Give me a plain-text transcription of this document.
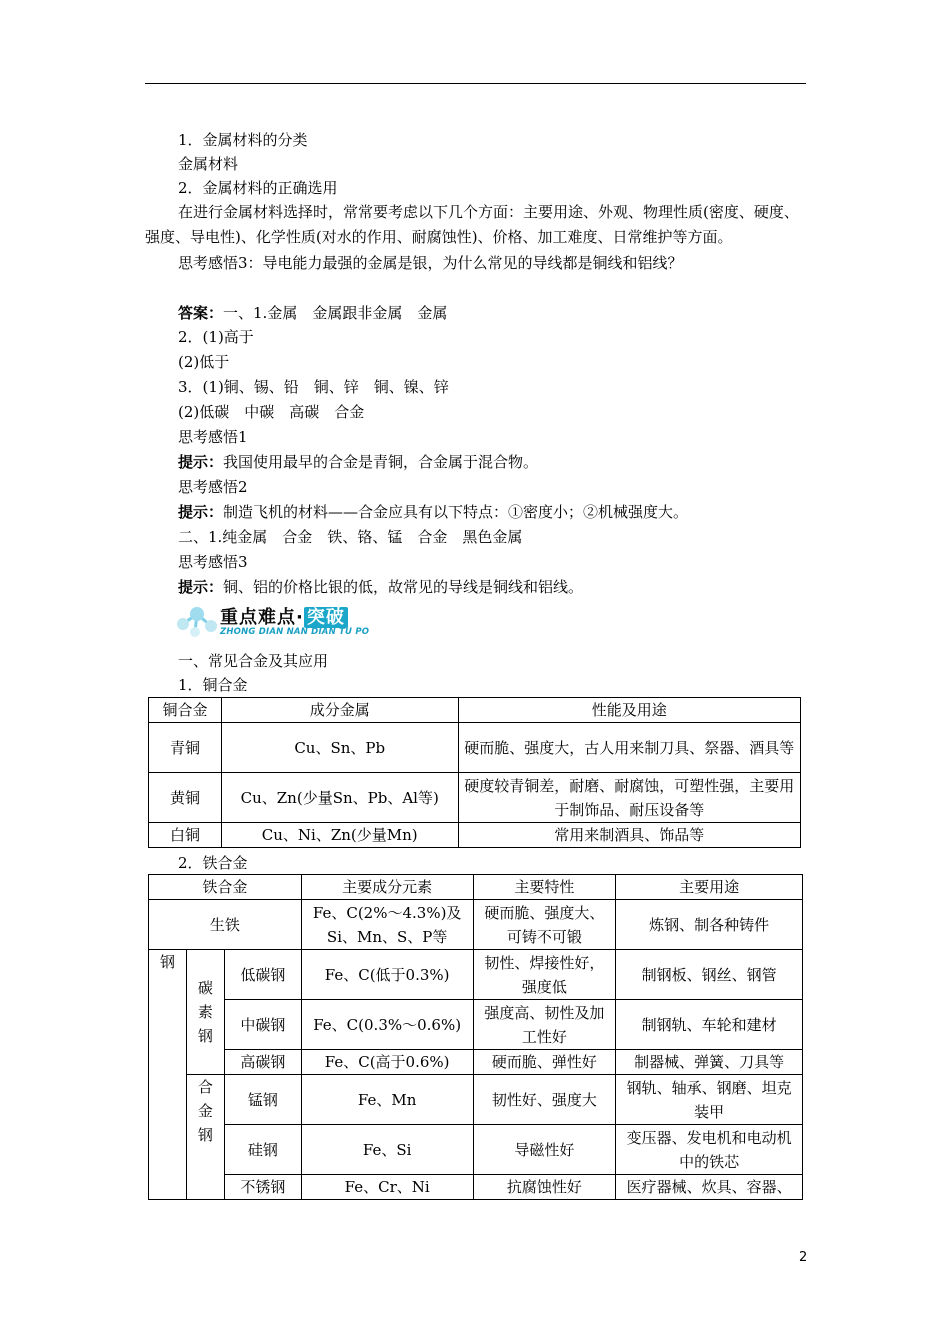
1．金属材料的分类
金属材料
2．金属材料的正确选用
在进行金属材料选择时，常常要考虑以下几个方面：主要用途、外观、物理性质(密度、硬度、强度、导电性)、化学性质(对水的作用、耐腐蚀性)、价格、加工难度、日常维护等方面。
思考感悟3：导电能力最强的金属是银，为什么常见的导线都是铜线和铝线？
答案：一、1.金属　金属跟非金属　金属
2．(1)高于
(2)低于
3．(1)铜、锡、铅　铜、锌　铜、镍、锌
(2)低碳　中碳　高碳　合金
思考感悟1
提示：我国使用最早的合金是青铜，合金属于混合物。
思考感悟2
提示：制造飞机的材料——合金应具有以下特点：①密度小；②机械强度大。
二、1.纯金属　合金　铁、铬、锰　合金　黑色金属
思考感悟3
提示：铜、铝的价格比银的低，故常见的导线是铜线和铝线。
重点难点· 突破
ZHONG DIAN NAN DIAN TU PO
一、常见合金及其应用
1．铜合金
铜合金	成分金属	性能及用途
青铜	Cu、Sn、Pb	硬而脆、强度大，古人用来制刀具、祭器、酒具等
黄铜	Cu、Zn(少量Sn、Pb、Al等)	硬度较青铜差，耐磨、耐腐蚀，可塑性强，主要用于制饰品、耐压设备等
白铜	Cu、Ni、Zn(少量Mn)	常用来制酒具、饰品等
2．铁合金
铁合金			主要成分元素	主要特性	主要用途
生铁			Fe、C(2%～4.3%)及Si、Mn、S、P等	硬而脆、强度大、可铸不可锻	炼钢、制各种铸件
钢	碳素钢	低碳钢	Fe、C(低于0.3%)	韧性、焊接性好，强度低	制钢板、钢丝、钢管
		中碳钢	Fe、C(0.3%～0.6%)	强度高、韧性及加工性好	制钢轨、车轮和建材
		高碳钢	Fe、C(高于0.6%)	硬而脆、弹性好	制器械、弹簧、刀具等
	合金钢	锰钢	Fe、Mn	韧性好、强度大	钢轨、轴承、钢磨、坦克装甲
		硅钢	Fe、Si	导磁性好	变压器、发电机和电动机中的铁芯
		不锈钢	Fe、Cr、Ni	抗腐蚀性好	医疗器械、炊具、容器、
2
